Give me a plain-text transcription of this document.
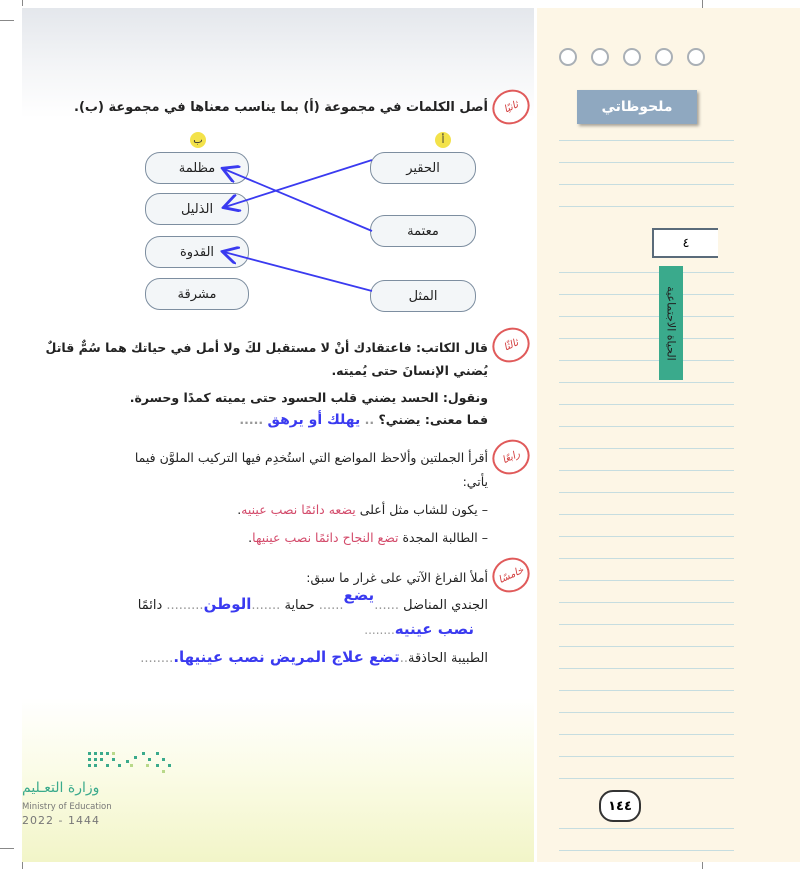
ثانيًا
أصل الكلمات في مجموعة (أ) بما يناسب معناها في مجموعة (ب).
أ
ب
الحقير
معتمة
المثل
مظلمة
الذليل
القدوة
مشرقة
ثالثًا
قال الكاتب: فاعتقادك أنْ لا مستقبل لكَ ولا أمل في حياتك هما سُمٌّ قاتلٌ
يُضني الإنسانَ حتى يُميته.
ونقول: الحسد يضني قلب الحسود حتى يميته كمدًا وحسرة.
فما معنى: يضني؟ .. يهلك أو يرهق .....
رابعًا
أقرأ الجملتين وألاحظ المواضع التي استُخدِم فيها التركيب الملوَّن فيما
يأتي:
– يكون للشاب مثل أعلى يضعه دائمًا نصب عينيه.
– الطالبة المجدة تضع النجاح دائمًا نصب عينيها.
خامسًا
أملأ الفراغ الآتي على غرار ما سبق:
الجندي المناضل ......يضع...... حماية .......الوطن......... دائمًا
نصب عينيه........
الطبيبة الحاذقة..تضع علاج المريض نصب عينيها.........
وزارة التعـليم
Ministry of Education
2022 - 1444
ملحوظاتي
٤
الحياة الاجتماعية
١٤٤
